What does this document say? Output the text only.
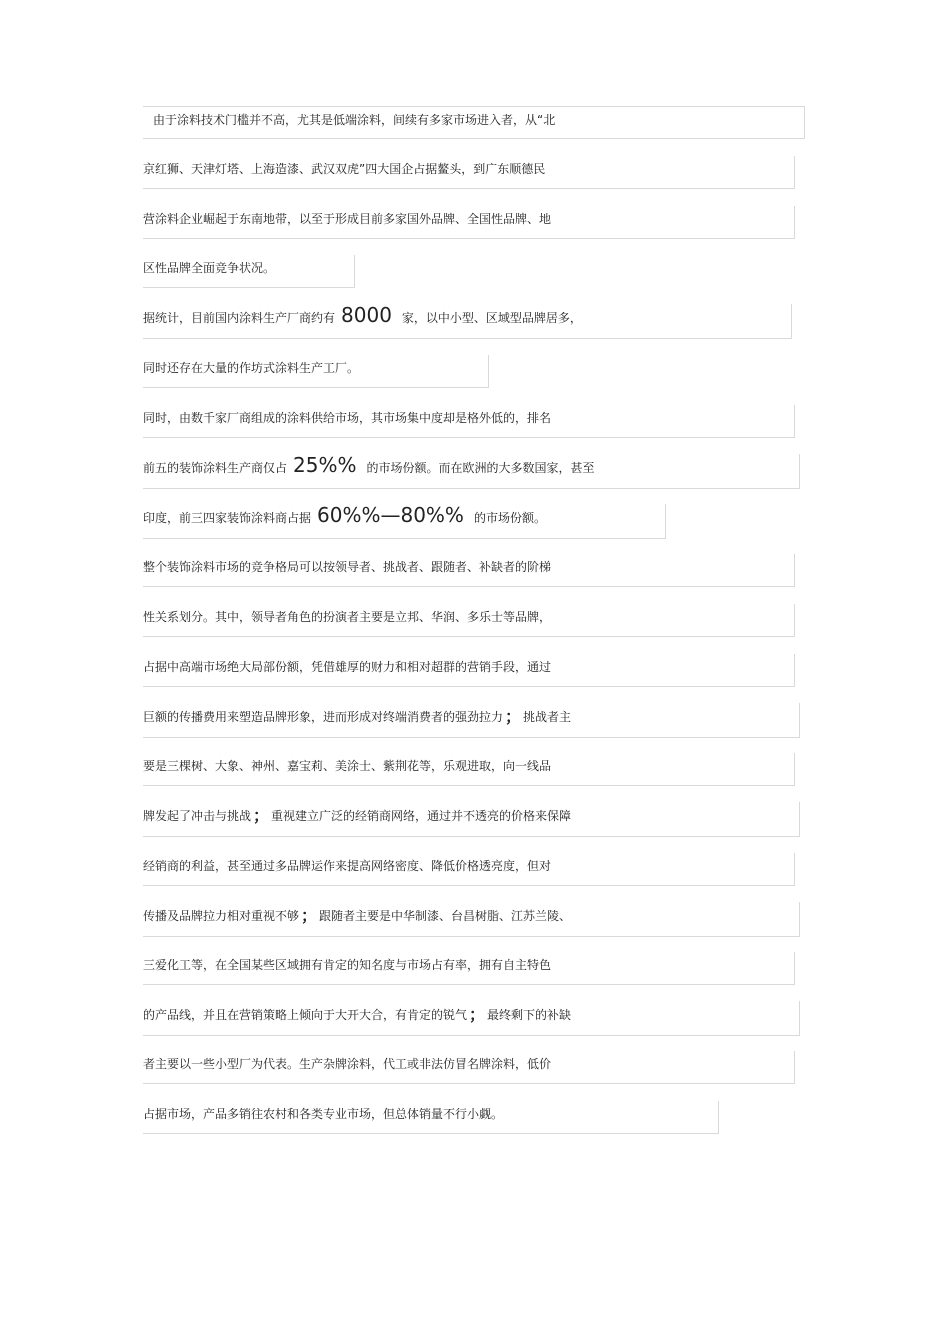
由于涂料技术门槛并不高，尤其是低端涂料，间续有多家市场进入者，从“北
京红狮、天津灯塔、上海造漆、武汉双虎”四大国企占据鳌头，到广东顺德民
营涂料企业崛起于东南地带，以至于形成目前多家国外品牌、全国性品牌、地
区性品牌全面竞争状况。
据统计，目前国内涂料生产厂商约有 8000 家，以中小型、区域型品牌居多，
同时还存在大量的作坊式涂料生产工厂。
同时，由数千家厂商组成的涂料供给市场，其市场集中度却是格外低的，排名
前五的装饰涂料生产商仅占 25%% 的市场份额。而在欧洲的大多数国家，甚至
印度，前三四家装饰涂料商占据 60%%—80%% 的市场份额。
整个装饰涂料市场的竞争格局可以按领导者、挑战者、跟随者、补缺者的阶梯
性关系划分。其中，领导者角色的扮演者主要是立邦、华润、多乐士等品牌，
占据中高端市场绝大局部份额，凭借雄厚的财力和相对超群的营销手段，通过
巨额的传播费用来塑造品牌形象，进而形成对终端消费者的强劲拉力 ； 挑战者主
要是三棵树、大象、神州、嘉宝莉、美涂士、紫荆花等，乐观进取，向一线品
牌发起了冲击与挑战 ； 重视建立广泛的经销商网络，通过并不透亮的价格来保障
经销商的利益，甚至通过多品牌运作来提高网络密度、降低价格透亮度，但对
传播及品牌拉力相对重视不够 ； 跟随者主要是中华制漆、台昌树脂、江苏兰陵、
三爱化工等，在全国某些区域拥有肯定的知名度与市场占有率，拥有自主特色
的产品线，并且在营销策略上倾向于大开大合，有肯定的锐气 ； 最终剩下的补缺
者主要以一些小型厂为代表。生产杂牌涂料，代工或非法仿冒名牌涂料，低价
占据市场，产品多销往农村和各类专业市场，但总体销量不行小觑。
